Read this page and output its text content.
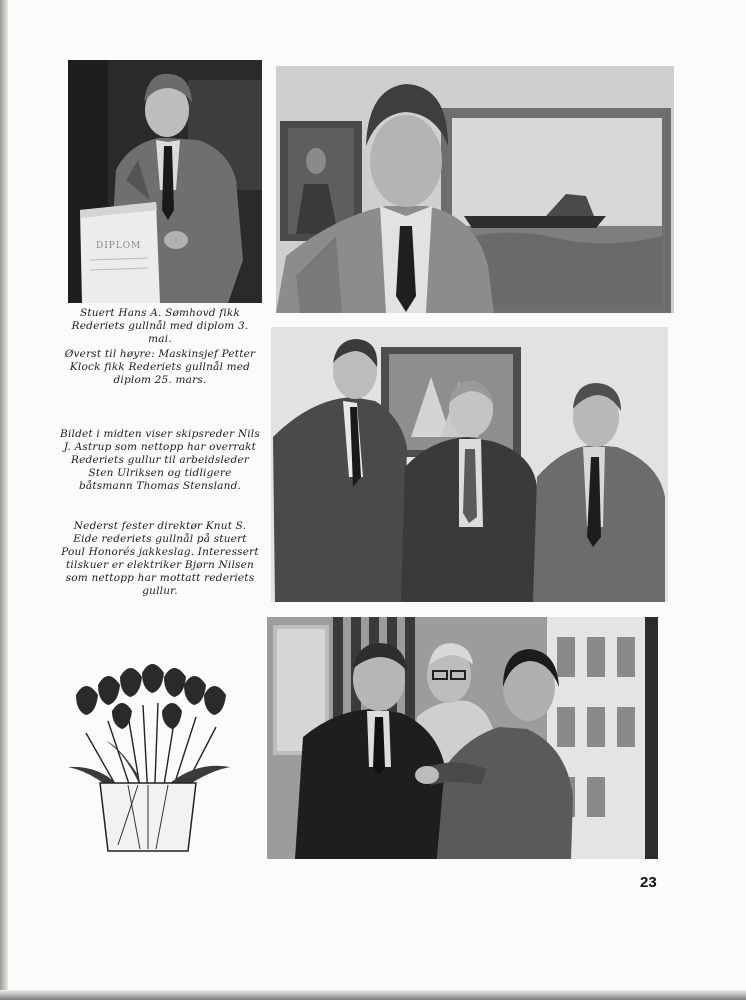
DIPLOM
Stuert Hans A. Sømhovd fikk Rederiets gullnål med diplom 3. mai.
Øverst til høyre: Maskinsjef Petter Klock fikk Rederiets gullnål med diplom 25. mars.
Bildet i midten viser skipsreder Nils J. Astrup som nettopp har overrakt Rederiets gullur til arbeidsleder Sten Ulriksen og tidligere båtsmann Thomas Stensland.
Nederst fester direktør Knut S. Eide rederiets gullnål på stuert Poul Honorés jakkeslag. Interessert tilskuer er elektriker Bjørn Nilsen som nettopp har mottatt rederiets gullur.
23
